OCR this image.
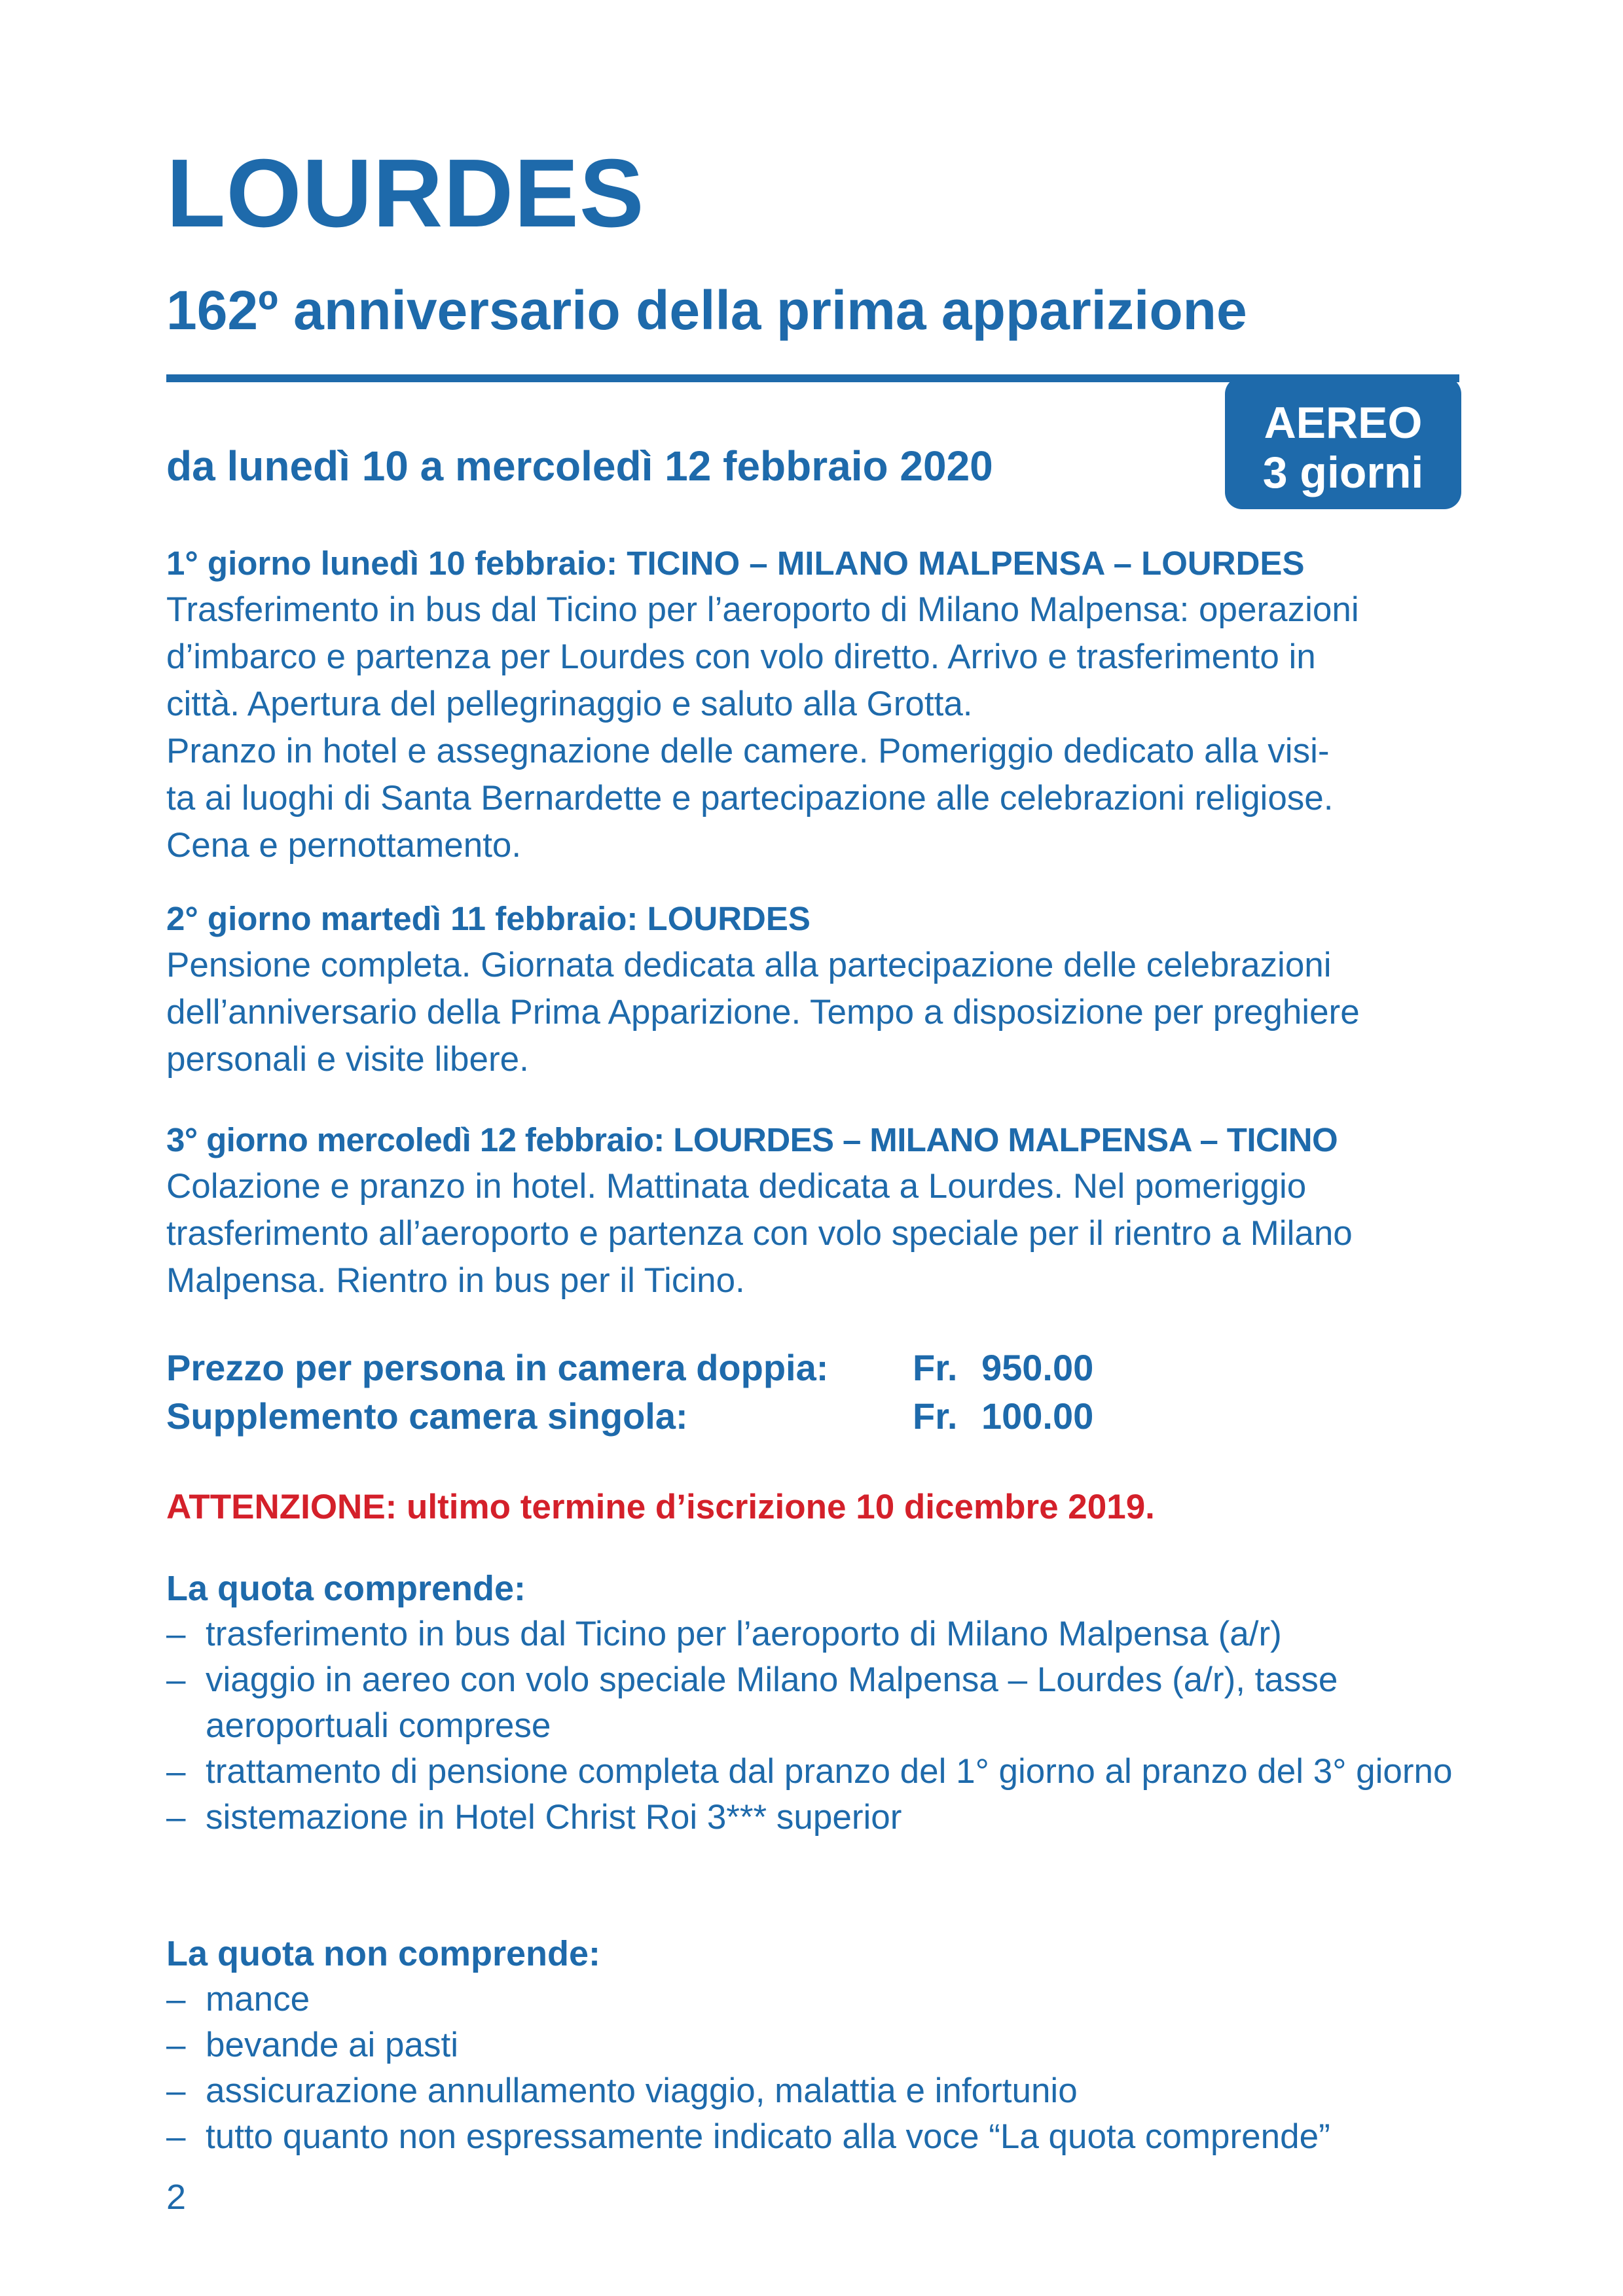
LOURDES
162º anniversario della prima apparizione
AEREO
3 giorni
da lunedì 10 a mercoledì 12 febbraio 2020
1° giorno lunedì 10 febbraio: TICINO – MILANO MALPENSA – LOURDES
Trasferimento in bus dal Ticino per l’aeroporto di Milano Malpensa: operazioni
d’imbarco e partenza per Lourdes con volo diretto. Arrivo e trasferimento in
città. Apertura del pellegrinaggio e saluto alla Grotta.
Pranzo in hotel e assegnazione delle camere. Pomeriggio dedicato alla visi-
ta ai luoghi di Santa Bernardette e partecipazione alle celebrazioni religiose.
Cena e pernottamento.
2° giorno martedì 11 febbraio: LOURDES
Pensione completa. Giornata dedicata alla partecipazione delle celebrazioni
dell’anniversario della Prima Apparizione. Tempo a disposizione per preghiere
personali e visite libere.
3° giorno mercoledì 12 febbraio: LOURDES – MILANO MALPENSA – TICINO
Colazione e pranzo in hotel. Mattinata dedicata a Lourdes. Nel pomeriggio
trasferimento all’aeroporto e partenza con volo speciale per il rientro a Milano
Malpensa. Rientro in bus per il Ticino.
Prezzo per persona in camera doppia:	Fr. 950.00
Supplemento camera singola:	Fr. 100.00
ATTENZIONE: ultimo termine d’iscrizione 10 dicembre 2019.
La quota comprende:
– trasferimento in bus dal Ticino per l’aeroporto di Milano Malpensa (a/r)
– viaggio in aereo con volo speciale Milano Malpensa – Lourdes (a/r), tasse aeroportuali comprese
– trattamento di pensione completa dal pranzo del 1° giorno al pranzo del 3° giorno
– sistemazione in Hotel Christ Roi 3*** superior
La quota non comprende:
– mance
– bevande ai pasti
– assicurazione annullamento viaggio, malattia e infortunio
– tutto quanto non espressamente indicato alla voce “La quota comprende”
2
